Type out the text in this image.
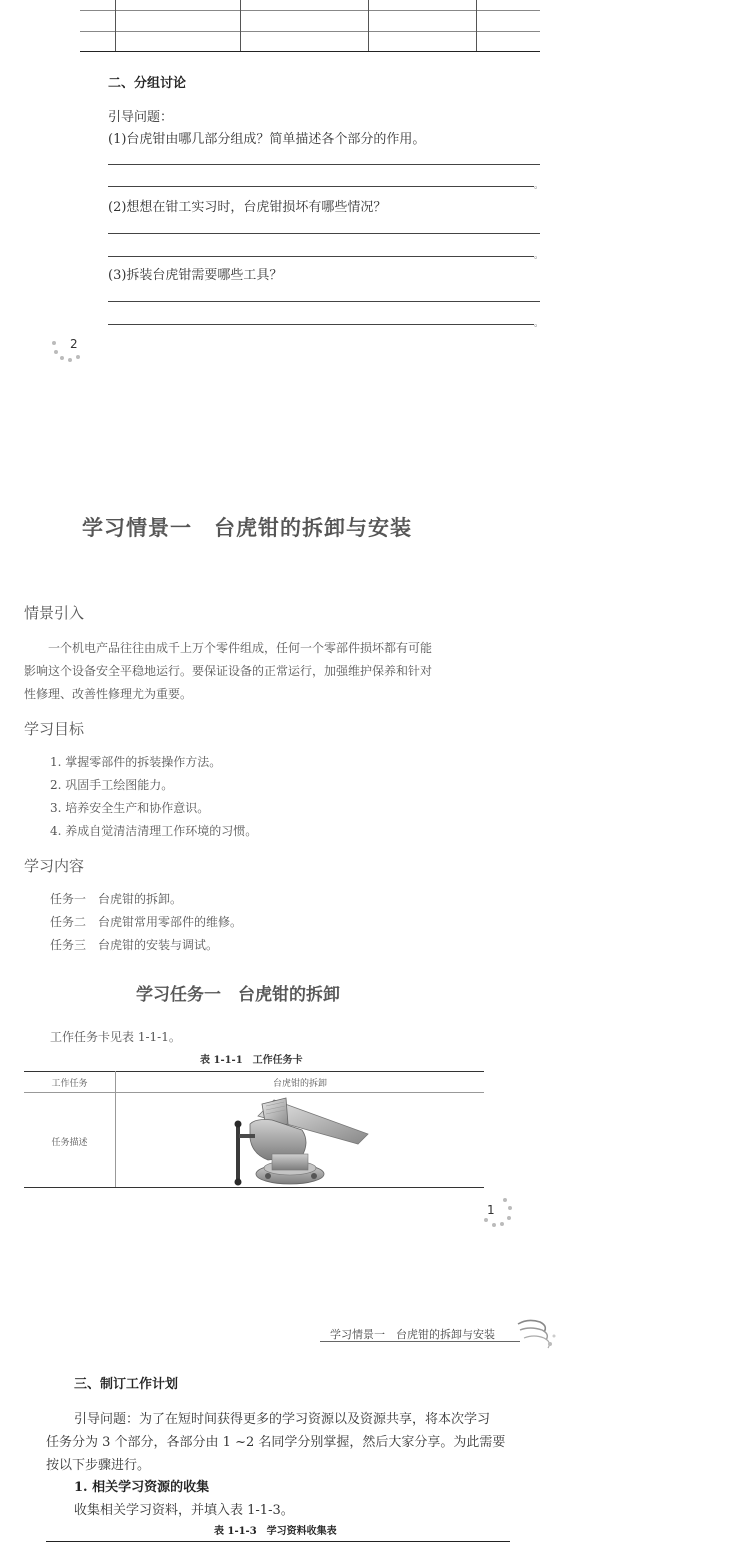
二、分组讨论
引导问题：
(1)台虎钳由哪几部分组成？简单描述各个部分的作用。
。
(2)想想在钳工实习时，台虎钳损坏有哪些情况？
。
(3)拆装台虎钳需要哪些工具？
。
2
学习情景一　台虎钳的拆卸与安装
情景引入
一个机电产品往往由成千上万个零件组成，任何一个零部件损坏都有可能
影响这个设备安全平稳地运行。要保证设备的正常运行，加强维护保养和针对
性修理、改善性修理尤为重要。
学习目标
1. 掌握零部件的拆装操作方法。
2. 巩固手工绘图能力。
3. 培养安全生产和协作意识。
4. 养成自觉清洁清理工作环境的习惯。
学习内容
任务一　台虎钳的拆卸。
任务二　台虎钳常用零部件的维修。
任务三　台虎钳的安装与调试。
学习任务一　台虎钳的拆卸
工作任务卡见表 1-1-1。
表 1-1-1　工作任务卡
工作任务	台虎钳的拆卸
任务描述
1
学习情景一　台虎钳的拆卸与安装
三、制订工作计划
引导问题：为了在短时间获得更多的学习资源以及资源共享，将本次学习
任务分为 3 个部分，各部分由 1 ~2 名同学分别掌握，然后大家分享。为此需要
按以下步骤进行。
1. 相关学习资源的收集
收集相关学习资料，并填入表 1-1-3。
表 1-1-3　学习资料收集表
